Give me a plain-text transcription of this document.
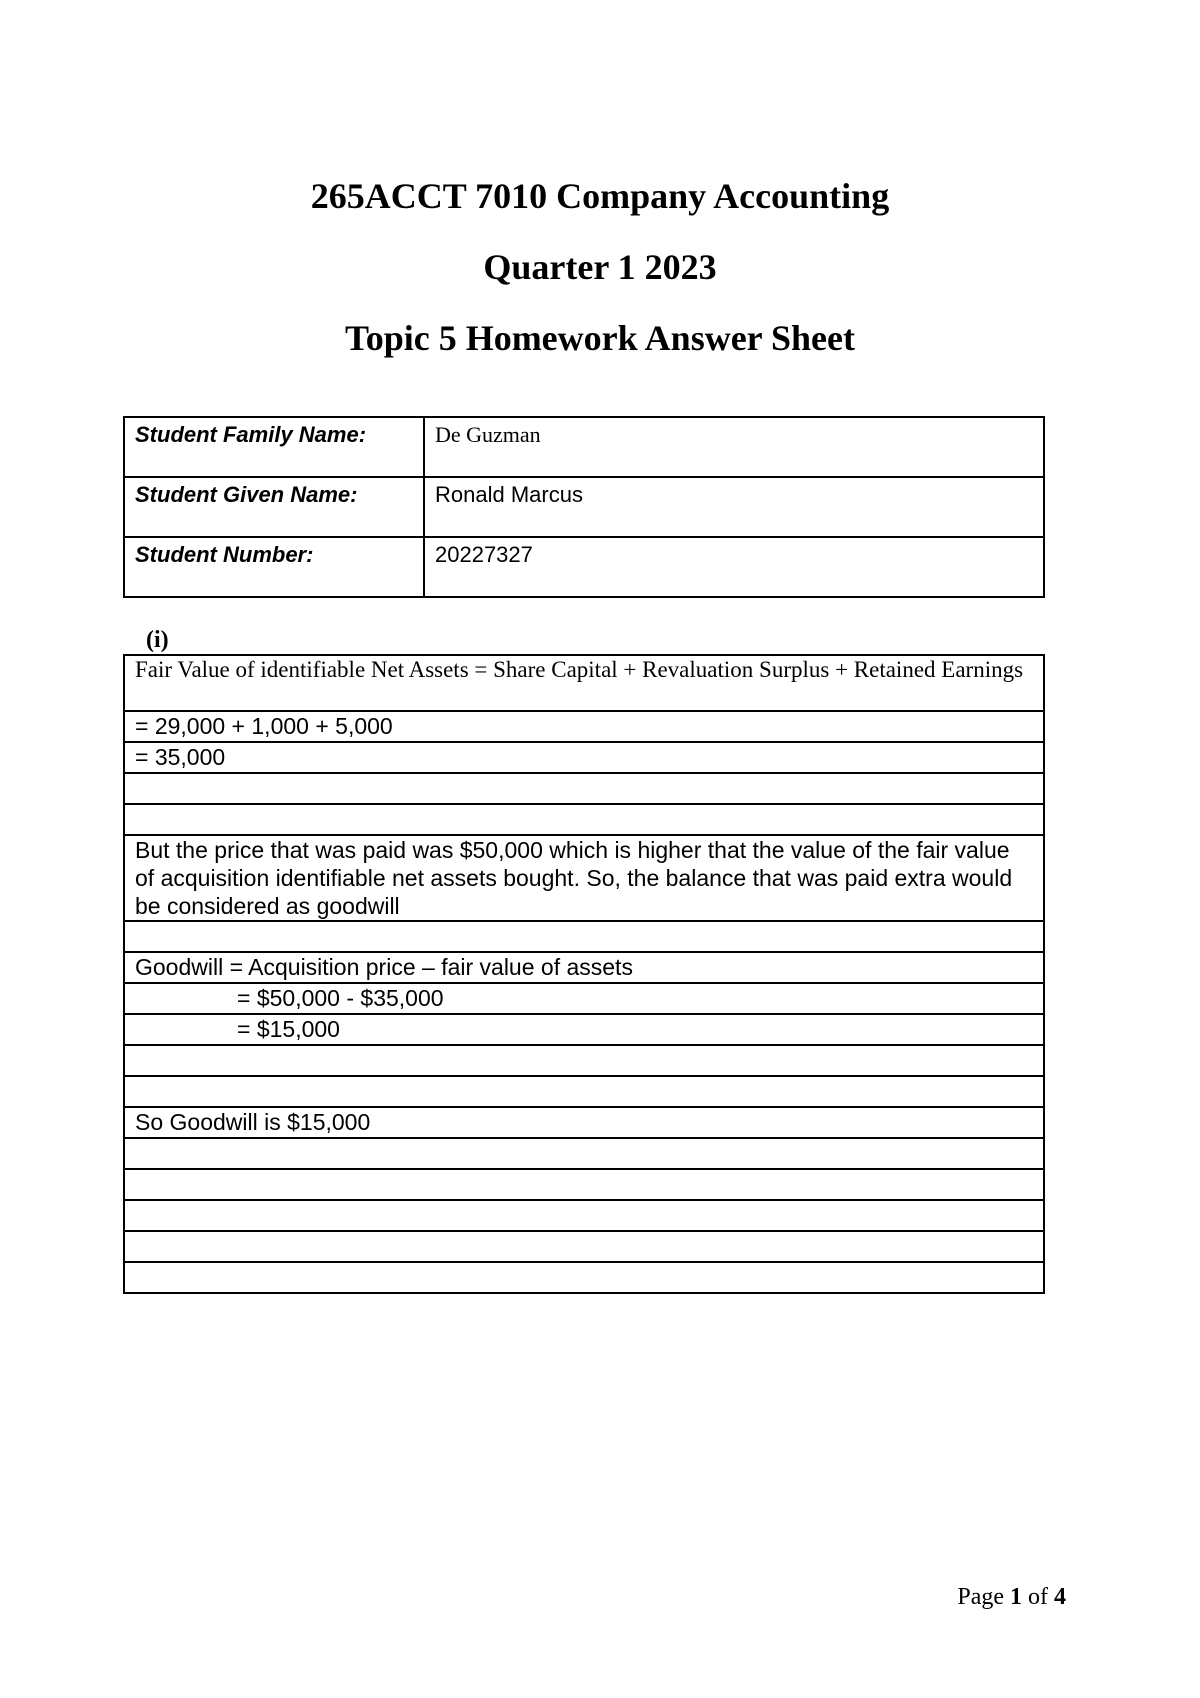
265ACCT 7010 Company Accounting
Quarter 1 2023
Topic 5 Homework Answer Sheet
Student Family Name:	De Guzman
Student Given Name:	Ronald Marcus
Student Number:	20227327
(i)
Fair Value of identifiable Net Assets = Share Capital + Revaluation Surplus + Retained Earnings
= 29,000 + 1,000 + 5,000
= 35,000

But the price that was paid was $50,000 which is higher that the value of the fair value of acquisition identifiable net assets bought. So, the balance that was paid extra would be considered as goodwill

Goodwill = Acquisition price – fair value of assets
= $50,000 - $35,000
= $15,000

So Goodwill is $15,000

Page 1 of 4
